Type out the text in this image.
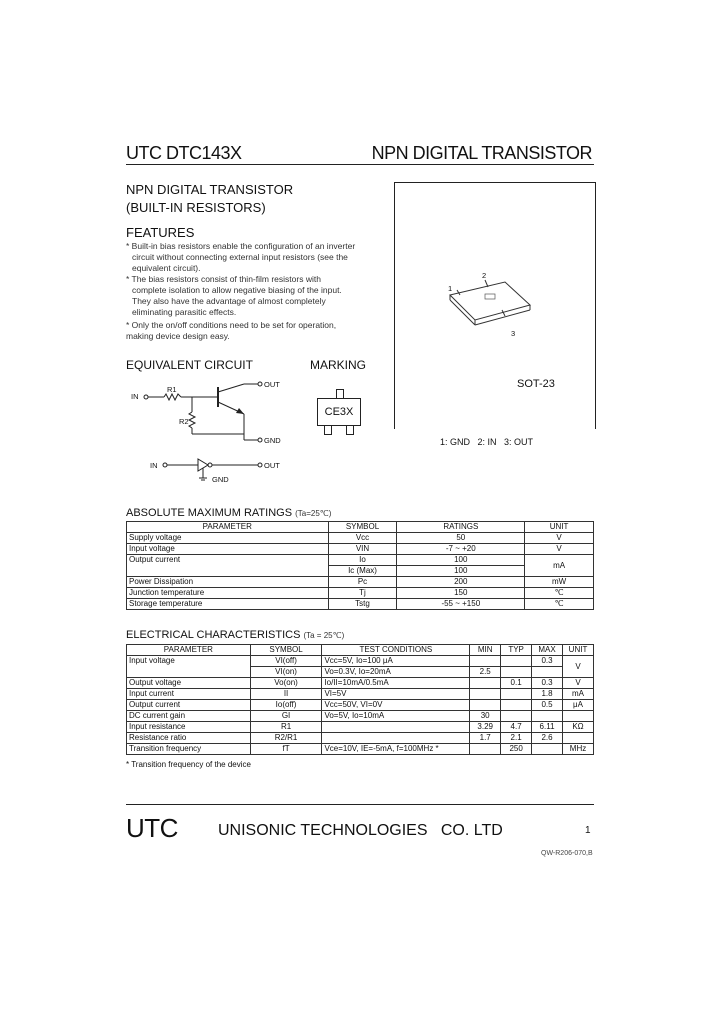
UTC DTC143X	NPN DIGITAL TRANSISTOR
NPN DIGITAL TRANSISTOR
(BUILT-IN RESISTORS)
FEATURES

* Built-in bias resistors enable the configuration of an inverter

circuit without connecting external input resistors (see the

equivalent circuit).

* The bias resistors consist of thin-film resistors with

complete isolation to allow negative biasing of the input.

They also have the advantage of almost completely

eliminating parasitic effects.

* Only the on/off conditions need to be set for operation,

making device design easy.

1
2
3
SOT-23
1: GND   2: IN   3: OUT
EQUIVALENT CIRCUIT
IN
R1
R2
OUT
GND
IN	OUT
GND
MARKING
CE3X
ABSOLUTE MAXIMUM RATINGS (Ta=25℃)
PARAMETER	SYMBOL	RATINGS	UNIT
Supply voltage	Vcc	50	V
Input voltage	VIN	-7 ~ +20	V
Output current	Io	100	mA
	Ic (Max)	100	
Power Dissipation	Pc	200	mW
Junction temperature	Tj	150	℃
Storage temperature	Tstg	-55 ~ +150	℃
ELECTRICAL CHARACTERISTICS (Ta = 25℃)
PARAMETER	SYMBOL	TEST CONDITIONS	MIN	TYP	MAX	UNIT
Input voltage	VI(off)	Vcc=5V, Io=100 μA			0.3	V
	VI(on)	Vo=0.3V, Io=20mA	2.5			
Output voltage	Vo(on)	Io/II=10mA/0.5mA		0.1	0.3	V
Input current	II	VI=5V			1.8	mA
Output current	Io(off)	Vcc=50V, VI=0V			0.5	μA
DC current gain	GI	Vo=5V, Io=10mA	30			
Input resistance	R1		3.29	4.7	6.11	KΩ
Resistance ratio	R2/R1		1.7	2.1	2.6	
Transition frequency	fT	Vce=10V, IE=-5mA, f=100MHz *		250		MHz
* Transition frequency of the device
UTC	UNISONIC TECHNOLOGIES   CO. LTD	1
QW-R206-070,B
